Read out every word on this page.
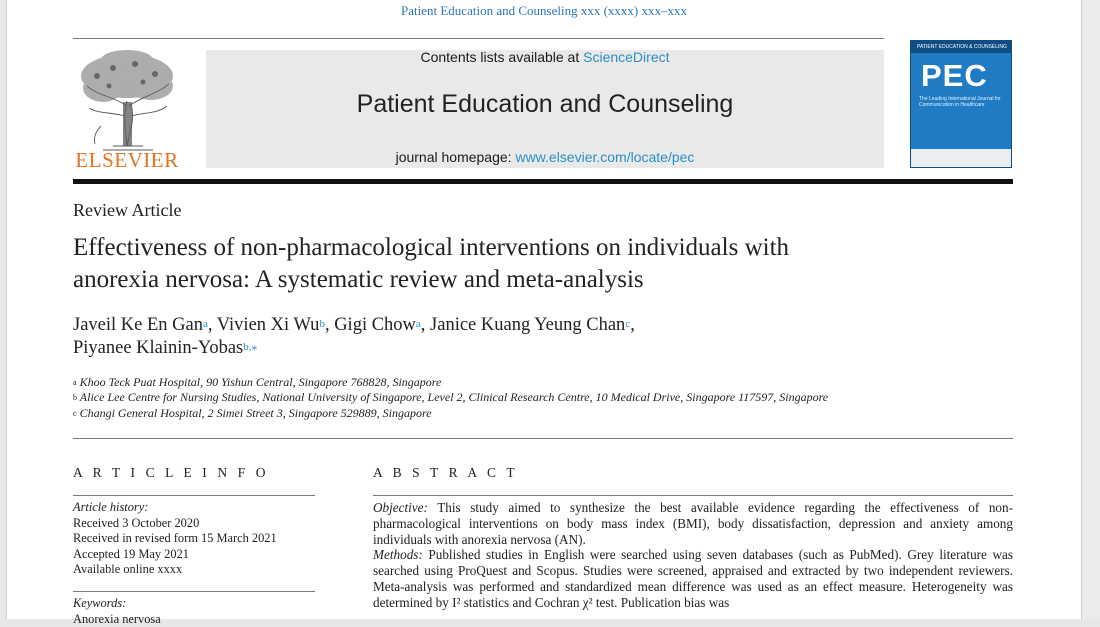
Patient Education and Counseling xxx (xxxx) xxx–xxx
ELSEVIER
Contents lists available at ScienceDirect
Patient Education and Counseling
journal homepage: www.elsevier.com/locate/pec
PATIENT EDUCATION & COUNSELING
PEC
The Leading International Journal for Communication in Healthcare
Review Article
Effectiveness of non-pharmacological interventions on individuals with
anorexia nervosa: A systematic review and meta-analysis
Javeil Ke En Gan$^a$, Vivien Xi Wu$^b$, Gigi Chow$^a$, Janice Kuang Yeung Chan$^c$,
Piyanee Klainin-Yobas$^{b,⁎}$
$^a$ Khoo Teck Puat Hospital, 90 Yishun Central, Singapore 768828, Singapore
$^b$ Alice Lee Centre for Nursing Studies, National University of Singapore, Level 2, Clinical Research Centre, 10 Medical Drive, Singapore 117597, Singapore
$^c$ Changi General Hospital, 2 Simei Street 3, Singapore 529889, Singapore
A R T I C L E I N F O
Article history:
Received 3 October 2020
Received in revised form 15 March 2021
Accepted 19 May 2021
Available online xxxx
Keywords:
Anorexia nervosa
A B S T R A C T

Objective: This study aimed to synthesize the best available evidence regarding the effectiveness of non-pharmacological interventions on body mass index (BMI), body dissatisfaction, depression and anxiety among individuals with anorexia nervosa (AN).

Methods: Published studies in English were searched using seven databases (such as PubMed). Grey literature was searched using ProQuest and Scopus. Studies were screened, appraised and extracted by two independent reviewers. Meta-analysis was performed and standardized mean difference was used as an effect measure. Heterogeneity was determined by I² statistics and Cochran χ² test. Publication bias was
